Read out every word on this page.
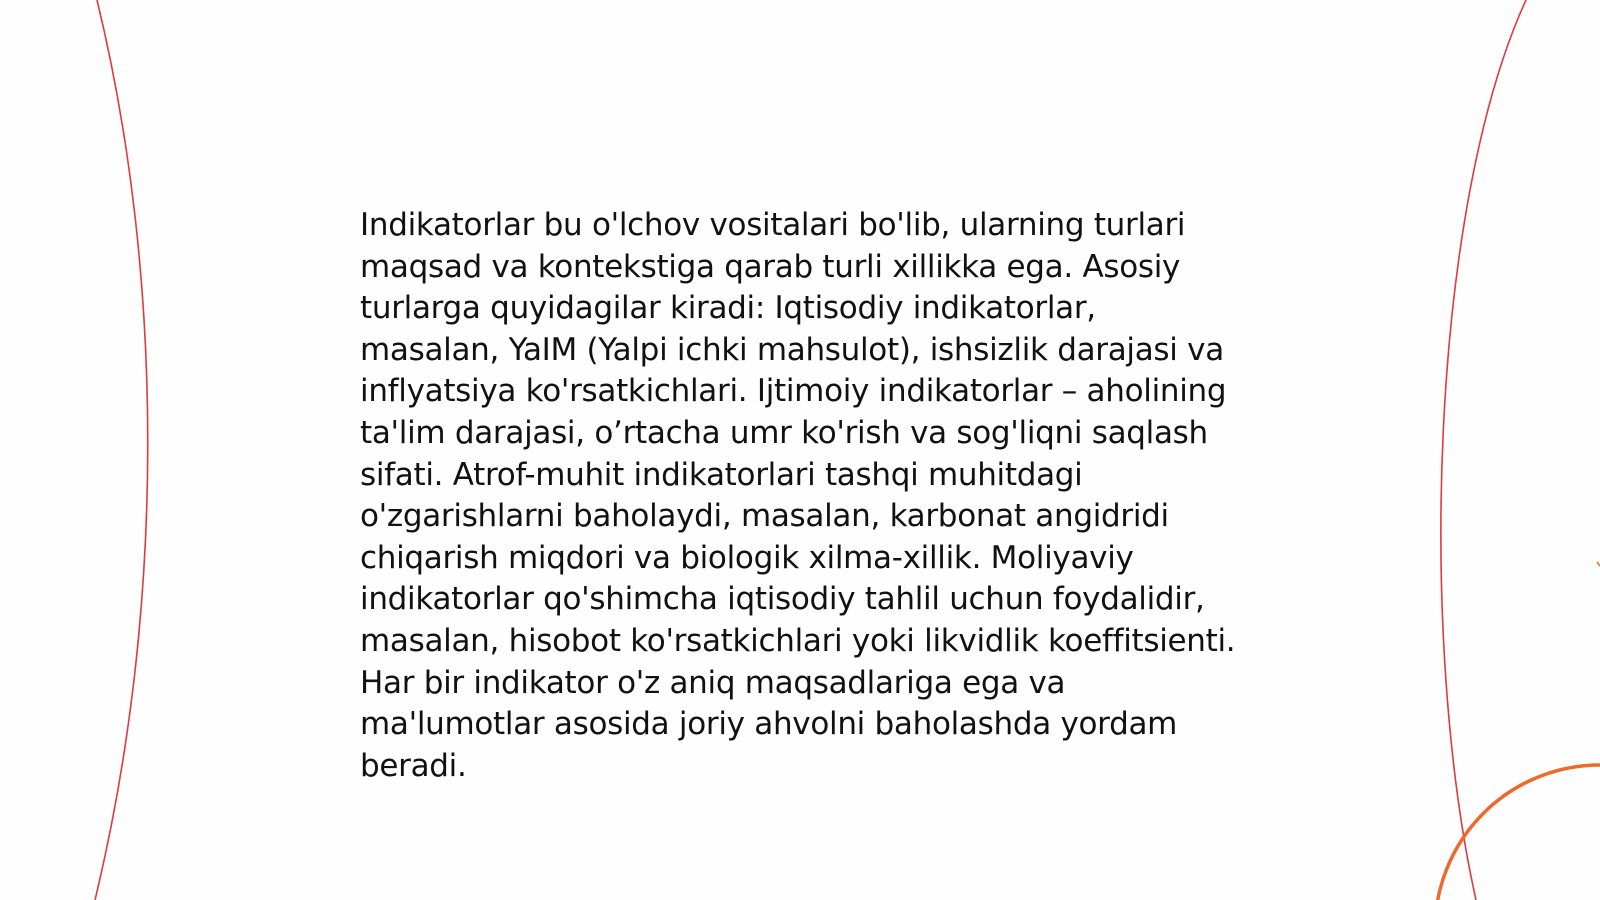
Indikatorlar bu o'lchov vositalari bo'lib, ularning turlari maqsad va kontekstiga qarab turli xillikka ega. Asosiy turlarga quyidagilar kiradi: Iqtisodiy indikatorlar, masalan, YaIM (Yalpi ichki mahsulot), ishsizlik darajasi va inflyatsiya ko'rsatkichlari. Ijtimoiy indikatorlar – aholining ta'lim darajasi, o’rtacha umr ko'rish va sog'liqni saqlash sifati. Atrof-muhit indikatorlari tashqi muhitdagi o'zgarishlarni baholaydi, masalan, karbonat angidridi chiqarish miqdori va biologik xilma-xillik. Moliyaviy indikatorlar qo'shimcha iqtisodiy tahlil uchun foydalidir, masalan, hisobot ko'rsatkichlari yoki likvidlik koeffitsienti. Har bir indikator o'z aniq maqsadlariga ega va ma'lumotlar asosida joriy ahvolni baholashda yordam beradi.
